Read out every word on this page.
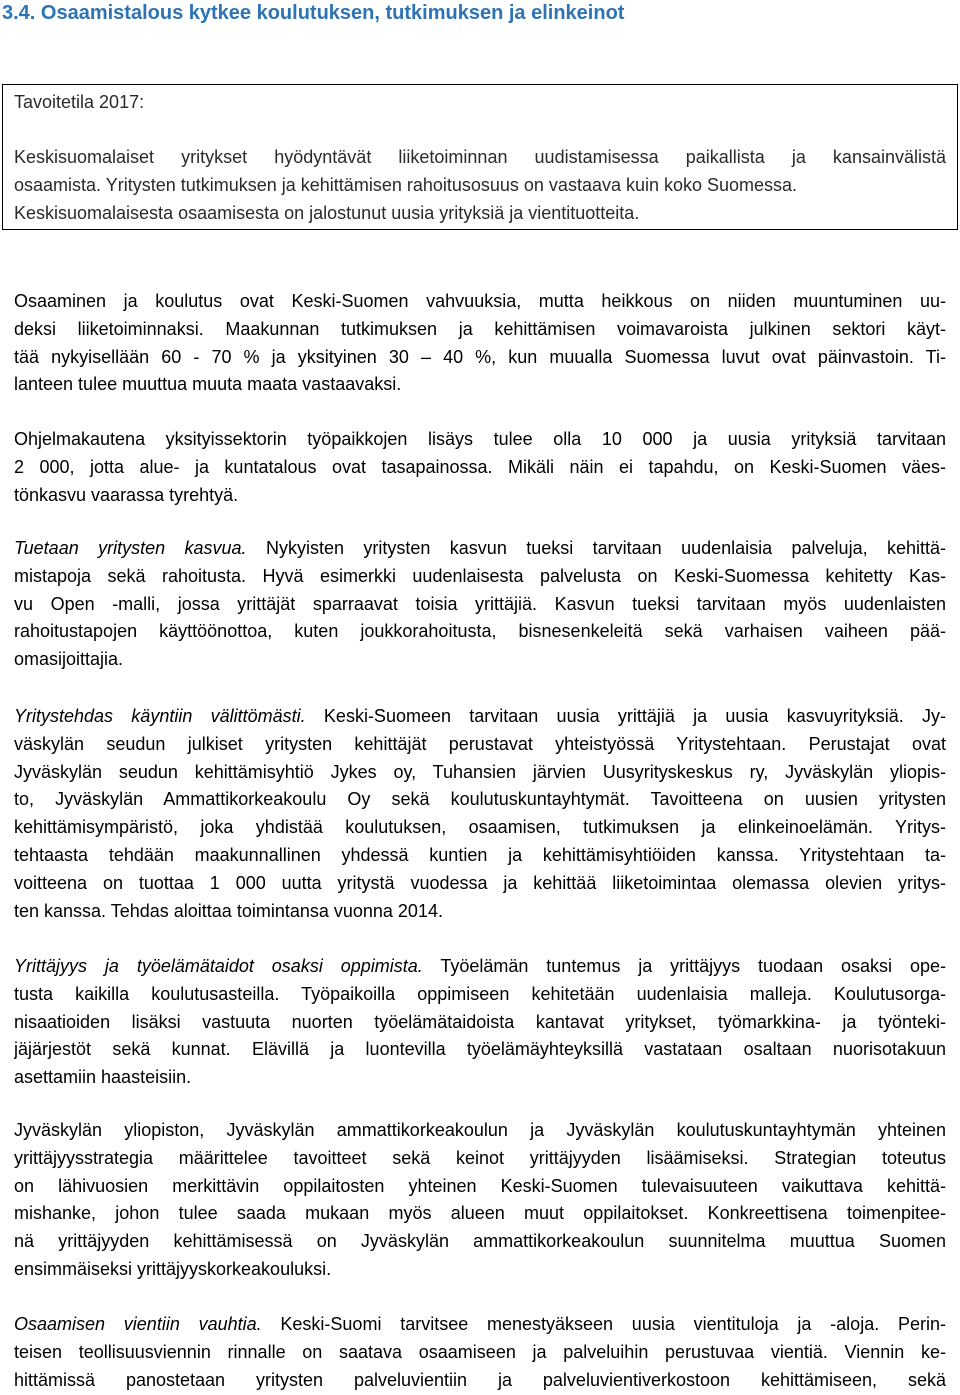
3.4. Osaamistalous kytkee koulutuksen, tutkimuksen ja elinkeinot
Tavoitetila 2017:
Keskisuomalaiset yritykset hyödyntävät liiketoiminnan uudistamisessa paikallista ja kansainvälistä
osaamista. Yritysten tutkimuksen ja kehittämisen rahoitusosuus on vastaava kuin koko Suomessa.
Keskisuomalaisesta osaamisesta on jalostunut uusia yrityksiä ja vientituotteita.
Osaaminen ja koulutus ovat Keski-Suomen vahvuuksia, mutta heikkous on niiden muuntuminen uu-
deksi liiketoiminnaksi. Maakunnan tutkimuksen ja kehittämisen voimavaroista julkinen sektori käyt-
tää nykyisellään 60 - 70 % ja yksityinen 30 – 40 %, kun muualla Suomessa luvut ovat päinvastoin. Ti-
lanteen tulee muuttua muuta maata vastaavaksi.
Ohjelmakautena yksityissektorin työpaikkojen lisäys tulee olla 10 000 ja uusia yrityksiä tarvitaan
2 000, jotta alue- ja kuntatalous ovat tasapainossa. Mikäli näin ei tapahdu, on Keski-Suomen väes-
tönkasvu vaarassa tyrehtyä.
Tuetaan yritysten kasvua. Nykyisten yritysten kasvun tueksi tarvitaan uudenlaisia palveluja, kehittä-
mistapoja sekä rahoitusta. Hyvä esimerkki uudenlaisesta palvelusta on Keski-Suomessa kehitetty Kas-
vu Open -malli, jossa yrittäjät sparraavat toisia yrittäjiä. Kasvun tueksi tarvitaan myös uudenlaisten
rahoitustapojen käyttöönottoa, kuten joukkorahoitusta, bisnesenkeleitä sekä varhaisen vaiheen pää-
omasijoittajia.
Yritystehdas käyntiin välittömästi. Keski-Suomeen tarvitaan uusia yrittäjiä ja uusia kasvuyrityksiä. Jy-
väskylän seudun julkiset yritysten kehittäjät perustavat yhteistyössä Yritystehtaan. Perustajat ovat
Jyväskylän seudun kehittämisyhtiö Jykes oy, Tuhansien järvien Uusyrityskeskus ry, Jyväskylän yliopis-
to, Jyväskylän Ammattikorkeakoulu Oy sekä koulutuskuntayhtymät. Tavoitteena on uusien yritysten
kehittämisympäristö, joka yhdistää koulutuksen, osaamisen, tutkimuksen ja elinkeinoelämän. Yritys-
tehtaasta tehdään maakunnallinen yhdessä kuntien ja kehittämisyhtiöiden kanssa. Yritystehtaan ta-
voitteena on tuottaa 1 000 uutta yritystä vuodessa ja kehittää liiketoimintaa olemassa olevien yritys-
ten kanssa. Tehdas aloittaa toimintansa vuonna 2014.
Yrittäjyys ja työelämätaidot osaksi oppimista. Työelämän tuntemus ja yrittäjyys tuodaan osaksi ope-
tusta kaikilla koulutusasteilla. Työpaikoilla oppimiseen kehitetään uudenlaisia malleja. Koulutusorga-
nisaatioiden lisäksi vastuuta nuorten työelämätaidoista kantavat yritykset, työmarkkina- ja työnteki-
jäjärjestöt sekä kunnat. Elävillä ja luontevilla työelämäyhteyksillä vastataan osaltaan nuorisotakuun
asettamiin haasteisiin.
Jyväskylän yliopiston, Jyväskylän ammattikorkeakoulun ja Jyväskylän koulutuskuntayhtymän yhteinen
yrittäjyysstrategia määrittelee tavoitteet sekä keinot yrittäjyyden lisäämiseksi. Strategian toteutus
on lähivuosien merkittävin oppilaitosten yhteinen Keski-Suomen tulevaisuuteen vaikuttava kehittä-
mishanke, johon tulee saada mukaan myös alueen muut oppilaitokset. Konkreettisena toimenpitee-
nä yrittäjyyden kehittämisessä on Jyväskylän ammattikorkeakoulun suunnitelma muuttua Suomen
ensimmäiseksi yrittäjyyskorkeakouluksi.
Osaamisen vientiin vauhtia. Keski-Suomi tarvitsee menestyäkseen uusia vientituloja ja -aloja. Perin-
teisen teollisuusviennin rinnalle on saatava osaamiseen ja palveluihin perustuvaa vientiä. Viennin ke-
hittämissä panostetaan yritysten palveluvientiin ja palveluvientiverkostoon kehittämiseen, sekä
